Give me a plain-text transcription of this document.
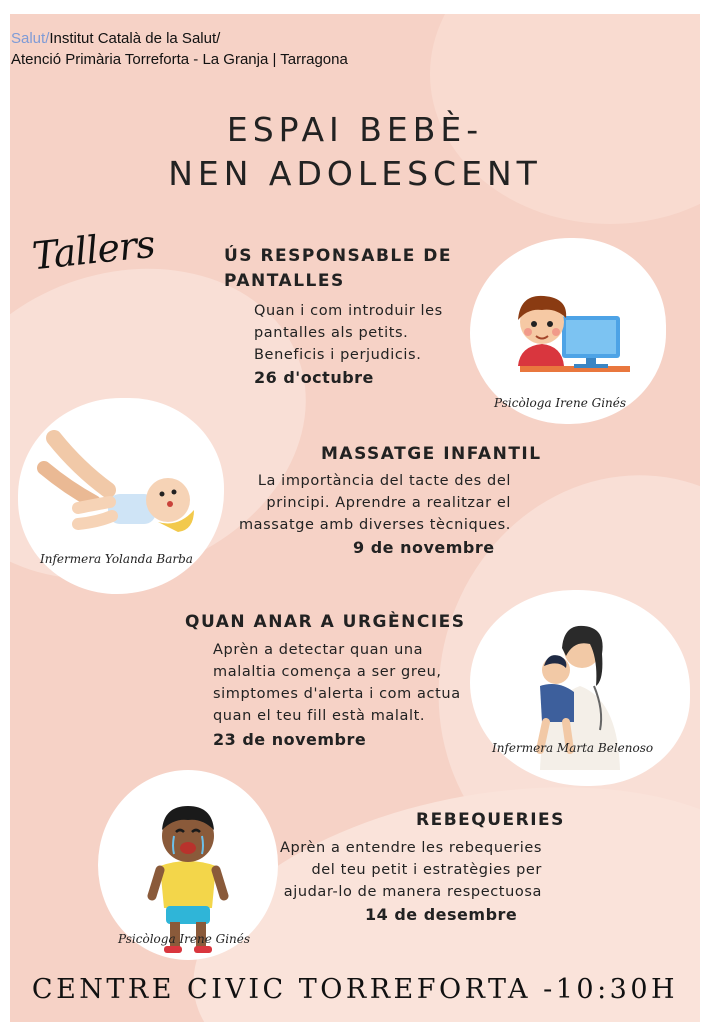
Salut/Institut Català de la Salut/
Atenció Primària Torreforta - La Granja | Tarragona
ESPAI BEBÈ-
NEN ADOLESCENT
Tallers
Psicòloga Irene Ginés
ÚS RESPONSABLE DE
PANTALLES
Quan i com introduir les
pantalles als petits.
Beneficis i perjudicis.
26 d'octubre
Infermera Yolanda Barba
MASSATGE INFANTIL
La importància del tacte des del
principi. Aprendre a realitzar el
massatge amb diverses tècniques.
9 de novembre
Infermera Marta Belenoso
QUAN ANAR A URGÈNCIES
Aprèn a detectar quan una
malaltia comença a ser greu,
simptomes d'alerta i com actua
quan el teu fill està malalt.
23 de novembre
Psicòloga Irene Ginés
REBEQUERIES
Aprèn a entendre les rebequeries
del teu petit i estratègies per
ajudar-lo de manera respectuosa
14 de desembre
CENTRE CIVIC TORREFORTA -10:30H
